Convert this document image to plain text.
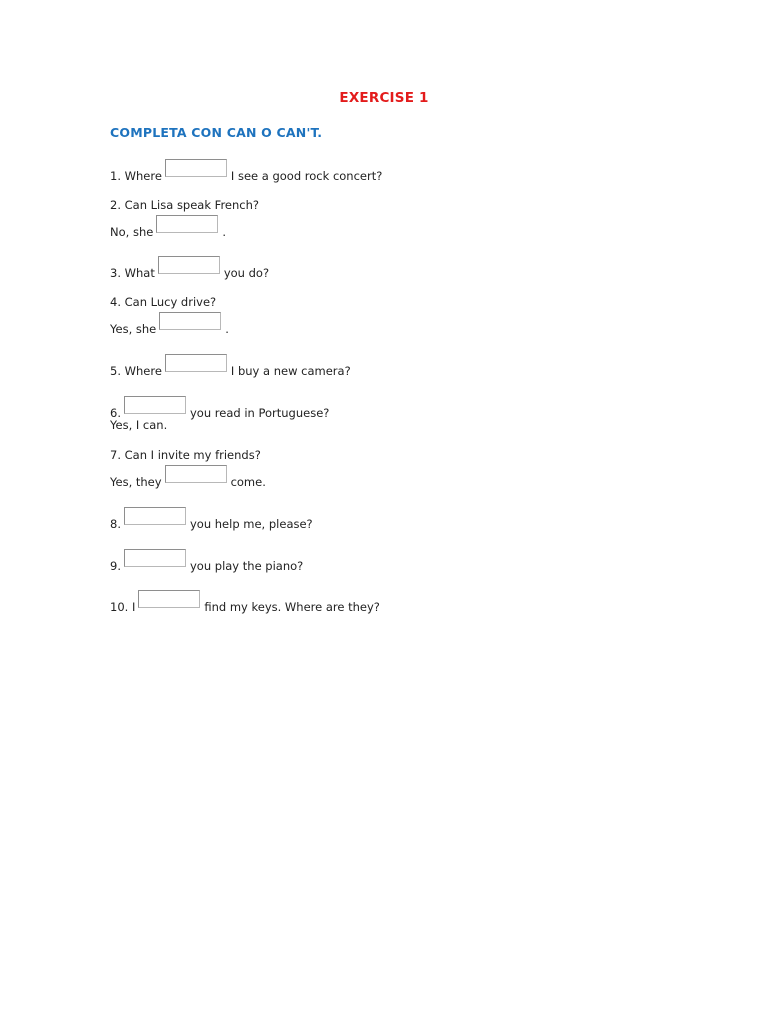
EXERCISE 1
COMPLETA CON CAN O CAN'T.
1. Where	I see a good rock concert?
2. Can Lisa speak French?
No, she	.
3. What	you do?
4. Can Lucy drive?
Yes, she	.
5. Where	I buy a new camera?
6.	you read in Portuguese?
Yes, I can.
7. Can I invite my friends?
Yes, they	come.
8.	you help me, please?
9.	you play the piano?
10. I	find my keys. Where are they?
